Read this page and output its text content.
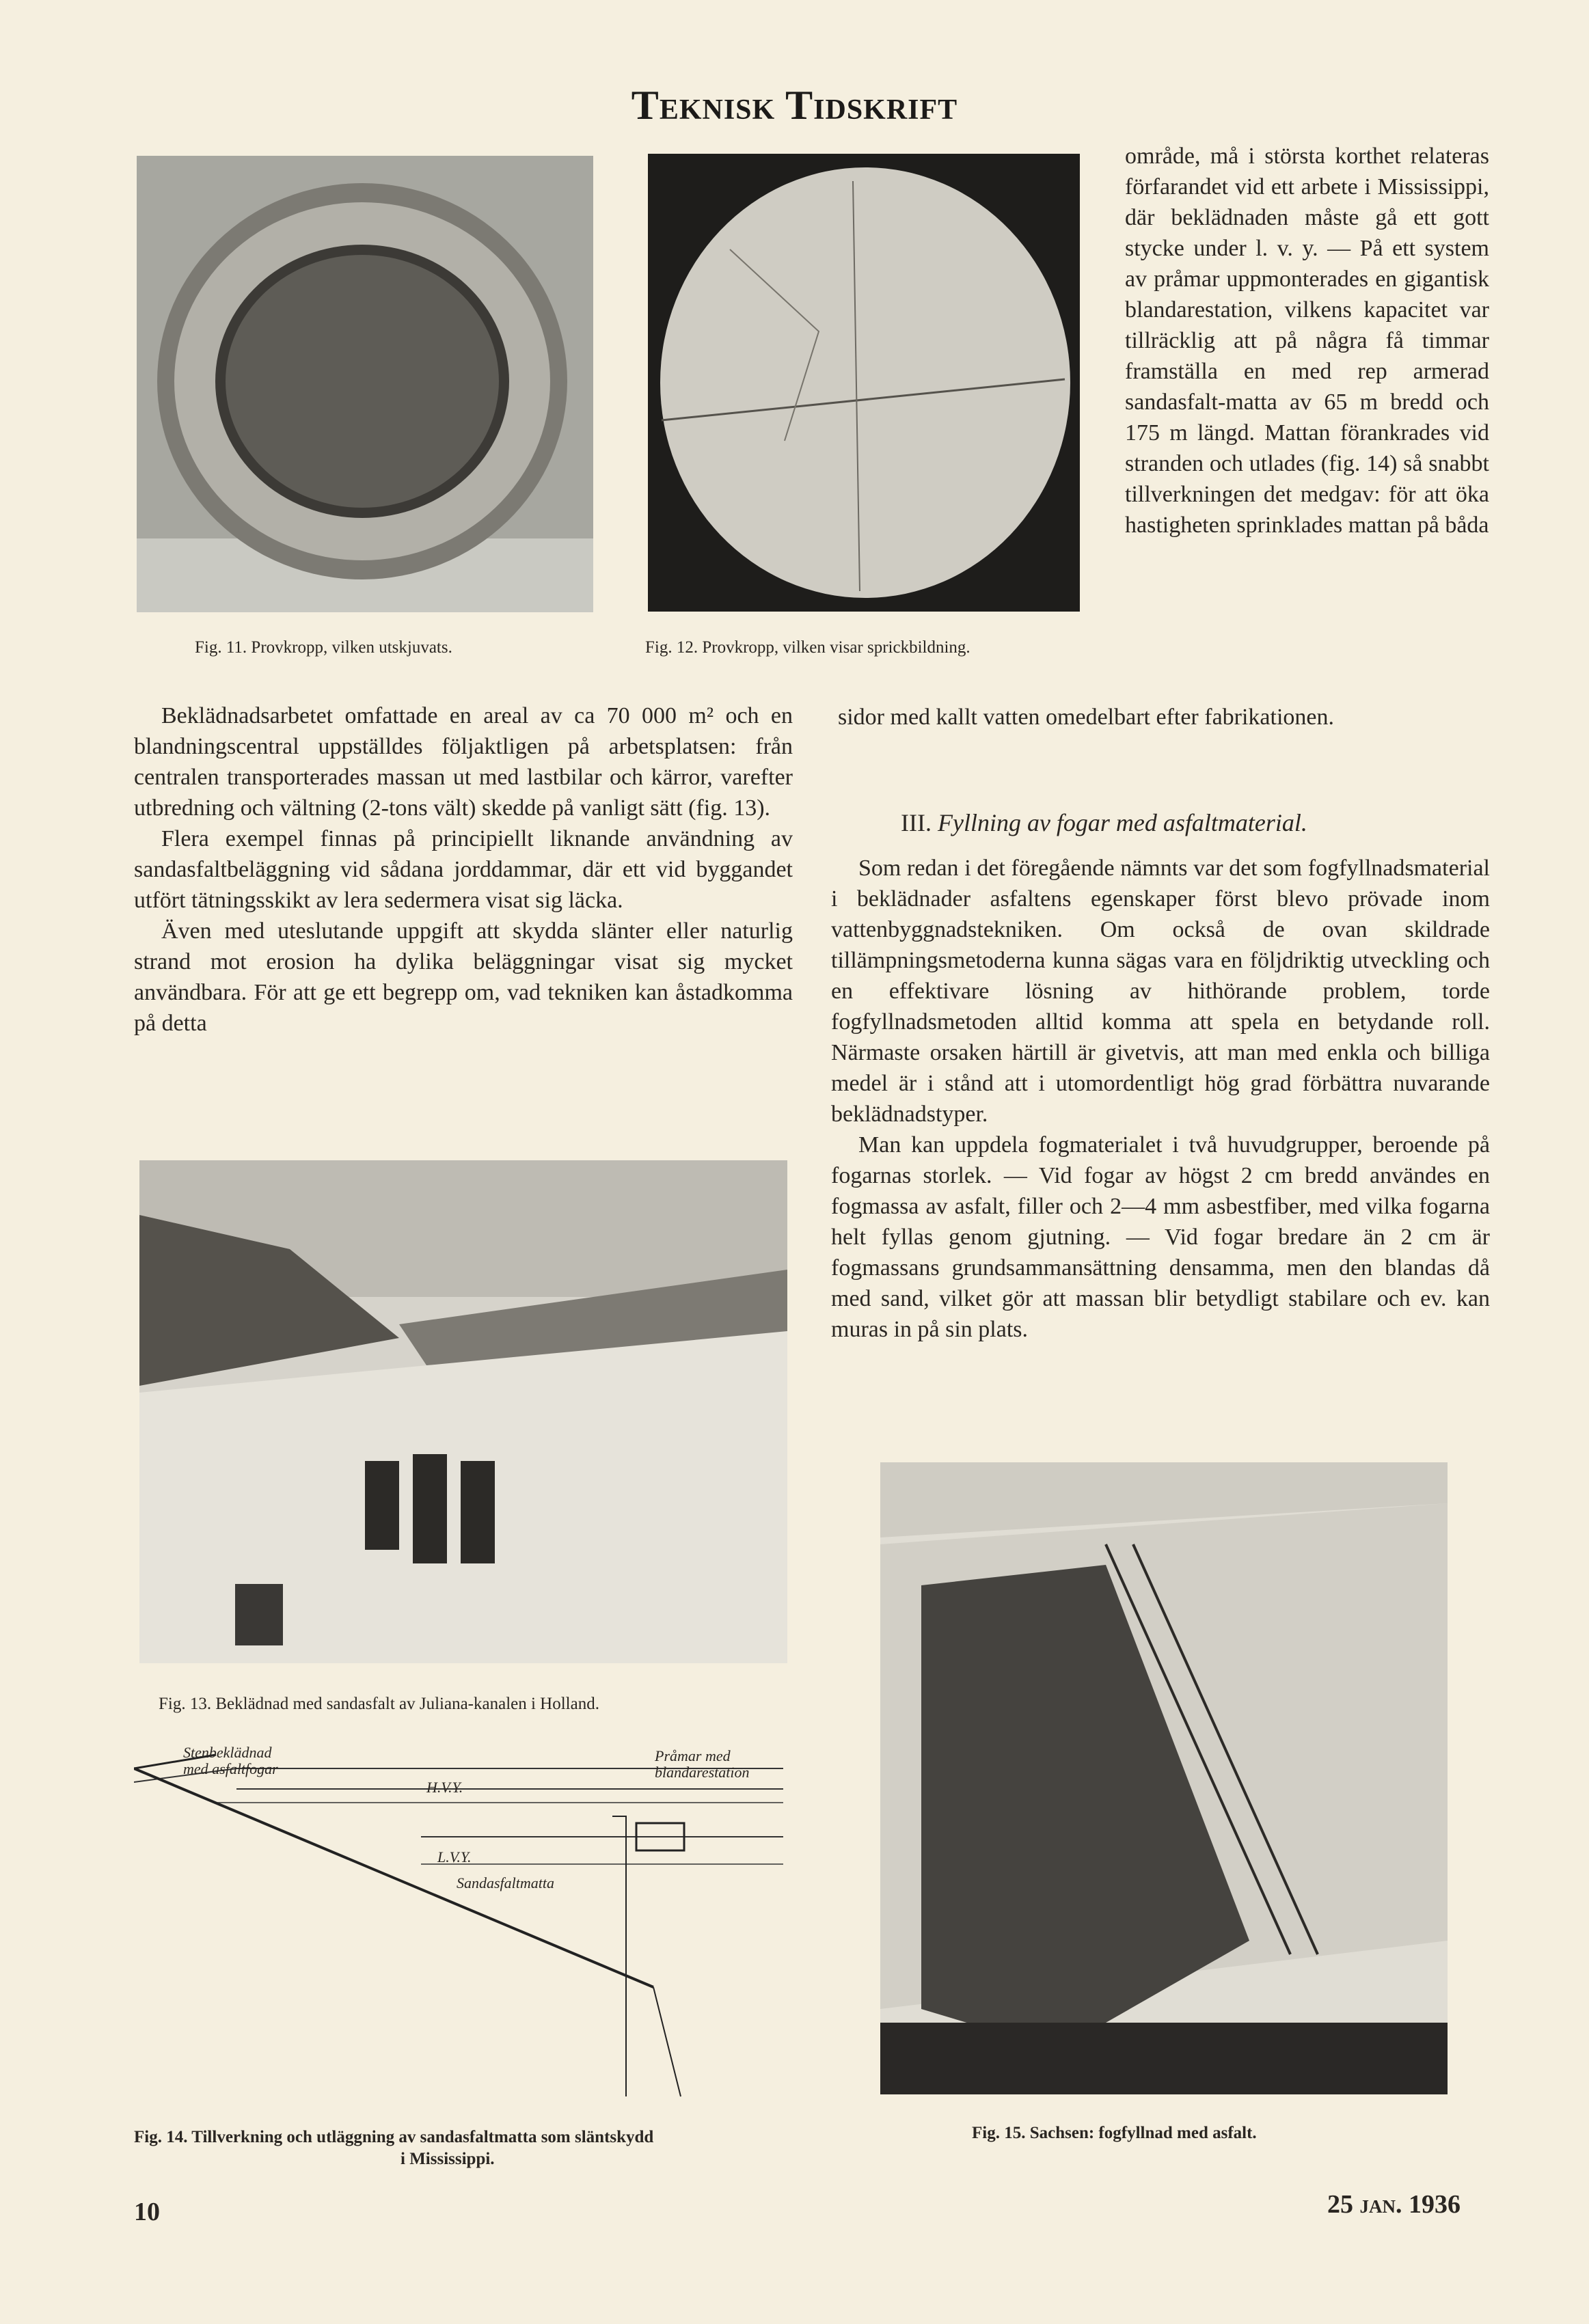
Teknisk Tidskrift
Fig. 11. Provkropp, vilken utskjuvats.	Fig. 12. Provkropp, vilken visar sprickbildning.
område, må i största korthet relateras förfarandet vid ett arbete i Mississippi, där beklädnaden måste gå ett gott stycke under l. v. y. — På ett system av pråmar uppmonterades en gigantisk blandarestation, vilkens kapacitet var tillräcklig att på några få timmar framställa en med rep armerad sandasfalt-matta av 65 m bredd och 175 m längd. Mattan förankrades vid stranden och utlades (fig. 14) så snabbt tillverkningen det medgav: för att öka hastigheten sprinklades mattan på båda
sidor med kallt vatten omedelbart efter fabrikationen.

Beklädnadsarbetet omfattade en areal av ca 70 000 m² och en blandningscentral uppställdes följaktligen på arbetsplatsen: från centralen transporterades massan ut med lastbilar och kärror, varefter utbredning och vältning (2-tons vält) skedde på vanligt sätt (fig. 13).

Flera exempel finnas på principiellt liknande användning av sandasfaltbeläggning vid sådana jorddammar, där ett vid byggandet utfört tätningsskikt av lera sedermera visat sig läcka.

Även med uteslutande uppgift att skydda slänter eller naturlig strand mot erosion ha dylika beläggningar visat sig mycket användbara. För att ge ett begrepp om, vad tekniken kan åstadkomma på detta

III. Fyllning av fogar med asfaltmaterial.

Som redan i det föregående nämnts var det som fogfyllnadsmaterial i beklädnader asfaltens egenskaper först blevo prövade inom vattenbyggnadstekniken. Om också de ovan skildrade tillämpningsmetoderna kunna sägas vara en följdriktig utveckling och en effektivare lösning av hithörande problem, torde fogfyllnadsmetoden alltid komma att spela en betydande roll. Närmaste orsaken härtill är givetvis, att man med enkla och billiga medel är i stånd att i utomordentligt hög grad förbättra nuvarande beklädnadstyper.

Man kan uppdela fogmaterialet i två huvudgrupper, beroende på fogarnas storlek. — Vid fogar av högst 2 cm bredd användes en fogmassa av asfalt, filler och 2—4 mm asbestfiber, med vilka fogarna helt fyllas genom gjutning. — Vid fogar bredare än 2 cm är fogmassans grundsammansättning densamma, men den blandas då med sand, vilket gör att massan blir betydligt stabilare och ev. kan muras in på sin plats.

Fig. 13. Beklädnad med sandasfalt av Juliana-kanalen i Holland.
Stenbeklädnad
med asfaltfogar
Pråmar med
blandarestation
H.V.Y.
L.V.Y.
Sandasfaltmatta
Fig. 14. Tillverkning och utläggning av sandasfaltmatta som släntskydd
i Mississippi.
Fig. 15. Sachsen: fogfyllnad med asfalt.
10	25 jan. 1936
